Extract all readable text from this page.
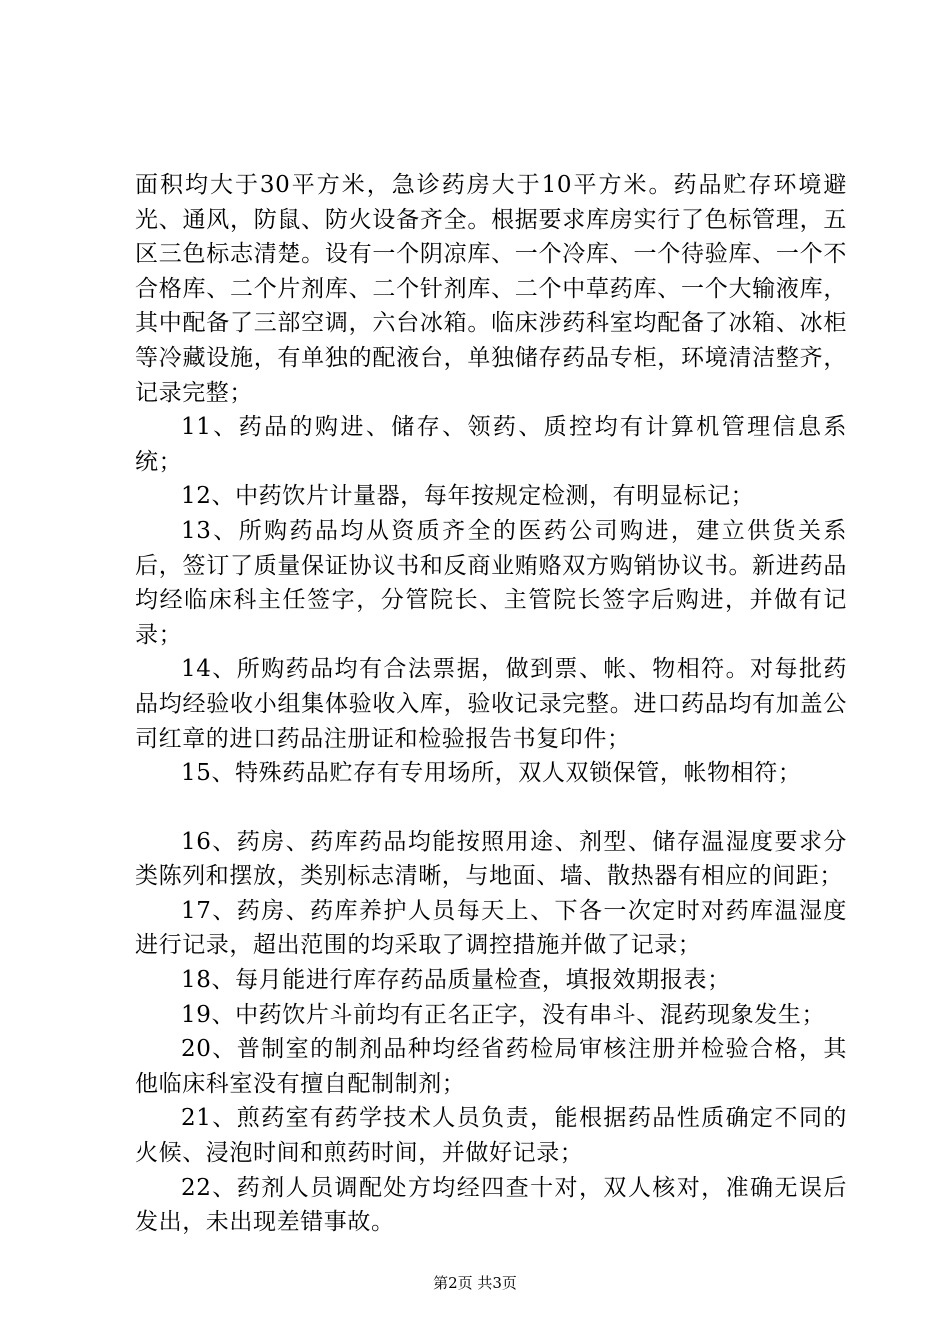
面积均大于30平方米，急诊药房大于10平方米。药品贮存环境避光、通风，防鼠、防火设备齐全。根据要求库房实行了色标管理，五区三色标志清楚。设有一个阴凉库、一个冷库、一个待验库、一个不合格库、二个片剂库、二个针剂库、二个中草药库、一个大输液库，其中配备了三部空调，六台冰箱。临床涉药科室均配备了冰箱、冰柜等冷藏设施，有单独的配液台，单独储存药品专柜，环境清洁整齐，记录完整；

11、药品的购进、储存、领药、质控均有计算机管理信息系统；

12、中药饮片计量器，每年按规定检测，有明显标记；

13、所购药品均从资质齐全的医药公司购进，建立供货关系后，签订了质量保证协议书和反商业贿赂双方购销协议书。新进药品均经临床科主任签字，分管院长、主管院长签字后购进，并做有记录；

14、所购药品均有合法票据，做到票、帐、物相符。对每批药品均经验收小组集体验收入库，验收记录完整。进口药品均有加盖公司红章的进口药品注册证和检验报告书复印件；

15、特殊药品贮存有专用场所，双人双锁保管，帐物相符；

16、药房、药库药品均能按照用途、剂型、储存温湿度要求分类陈列和摆放，类别标志清晰，与地面、墙、散热器有相应的间距；

17、药房、药库养护人员每天上、下各一次定时对药库温湿度进行记录，超出范围的均采取了调控措施并做了记录；

18、每月能进行库存药品质量检查，填报效期报表；

19、中药饮片斗前均有正名正字，没有串斗、混药现象发生；

20、普制室的制剂品种均经省药检局审核注册并检验合格，其他临床科室没有擅自配制制剂；

21、煎药室有药学技术人员负责，能根据药品性质确定不同的火候、浸泡时间和煎药时间，并做好记录；

22、药剂人员调配处方均经四查十对，双人核对，准确无误后发出，未出现差错事故。

第2页 共3页
